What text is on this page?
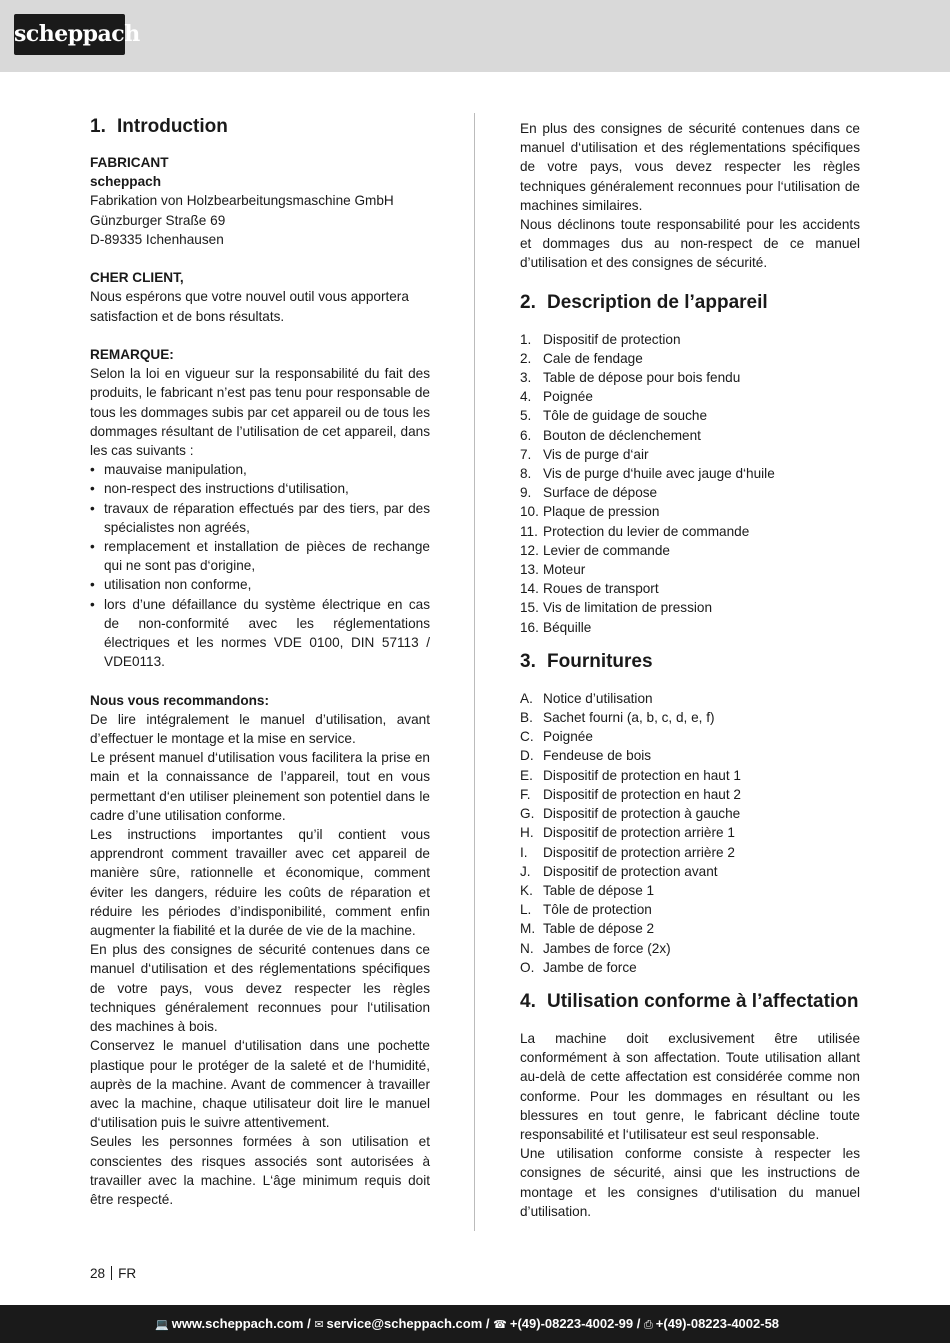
scheppach
1. Introduction

FABRICANT

scheppach

Fabrikation von Holzbearbeitungsmaschine GmbH

Günzburger Straße 69

D-89335 Ichenhausen

CHER CLIENT,

Nous espérons que votre nouvel outil vous apportera satisfaction et de bons résultats.

REMARQUE:

Selon la loi en vigueur sur la responsabilité du fait des produits, le fabricant n’est pas tenu pour responsable de tous les dommages subis par cet appareil ou de tous les dommages résultant de l’utilisation de cet appareil, dans les cas suivants :

• mauvaise manipulation,
• non-respect des instructions d‘utilisation,
• travaux de réparation effectués par des tiers, par des spécialistes non agréés,
• remplacement et installation de pièces de rechange qui ne sont pas d‘origine,
• utilisation non conforme,
• lors d’une défaillance du système électrique en cas de non-conformité avec les réglementations électriques et les normes VDE 0100, DIN 57113 / VDE0113.

Nous vous recommandons:

De lire intégralement le manuel d’utilisation, avant d’effectuer le montage et la mise en service.

Le présent manuel d‘utilisation vous facilitera la prise en main et la connaissance de l’appareil, tout en vous permettant d‘en utiliser pleinement son potentiel dans le cadre d’une utilisation conforme.

Les instructions importantes qu’il contient vous apprendront comment travailler avec cet appareil de manière sûre, rationnelle et économique, comment éviter les dangers, réduire les coûts de réparation et réduire les périodes d’indisponibilité, comment enfin augmenter la fiabilité et la durée de vie de la machine.

En plus des consignes de sécurité contenues dans ce manuel d‘utilisation et des réglementations spécifiques de votre pays, vous devez respecter les règles techniques généralement reconnues pour l‘utilisation des machines à bois.

Conservez le manuel d‘utilisation dans une pochette plastique pour le protéger de la saleté et de l‘humidité, auprès de la machine. Avant de commencer à travailler avec la machine, chaque utilisateur doit lire le manuel d‘utilisation puis le suivre attentivement.

Seules les personnes formées à son utilisation et conscientes des risques associés sont autorisées à travailler avec la machine. L‘âge minimum requis doit être respecté.

En plus des consignes de sécurité contenues dans ce manuel d‘utilisation et des réglementations spécifiques de votre pays, vous devez respecter les règles techniques généralement reconnues pour l‘utilisation de machines similaires.

Nous déclinons toute responsabilité pour les accidents et dommages dus au non-respect de ce manuel d’utilisation et des consignes de sécurité.

2. Description de l’appareil
1. Dispositif de protection
2. Cale de fendage
3. Table de dépose pour bois fendu
4. Poignée
5. Tôle de guidage de souche
6. Bouton de déclenchement
7. Vis de purge d‘air
8. Vis de purge d‘huile avec jauge d‘huile
9. Surface de dépose
10. Plaque de pression
11. Protection du levier de commande
12. Levier de commande
13. Moteur
14. Roues de transport
15. Vis de limitation de pression
16. Béquille
3. Fournitures
A. Notice d’utilisation
B. Sachet fourni (a, b, c, d, e, f)
C. Poignée
D. Fendeuse de bois
E. Dispositif de protection en haut 1
F. Dispositif de protection en haut 2
G. Dispositif de protection à gauche
H. Dispositif de protection arrière 1
I.	Dispositif de protection arrière 2
J. Dispositif de protection avant
K. Table de dépose 1
L. Tôle de protection
M. Table de dépose 2
N. Jambes de force (2x)
O. Jambe de force
4. Utilisation conforme à l’affectation

La machine doit exclusivement être utilisée conformément à son affectation. Toute utilisation allant au-delà de cette affectation est considérée comme non conforme. Pour les dommages en résultant ou les blessures en tout genre, le fabricant décline toute responsabilité et l‘utilisateur est seul responsable.

Une utilisation conforme consiste à respecter les consignes de sécurité, ainsi que les instructions de montage et les consignes d‘utilisation du manuel d’utilisation.

28 FR
💻 www.scheppach.com / ✉ service@scheppach.com / ☎ +(49)-08223-4002-99 / ⎙ +(49)-08223-4002-58
